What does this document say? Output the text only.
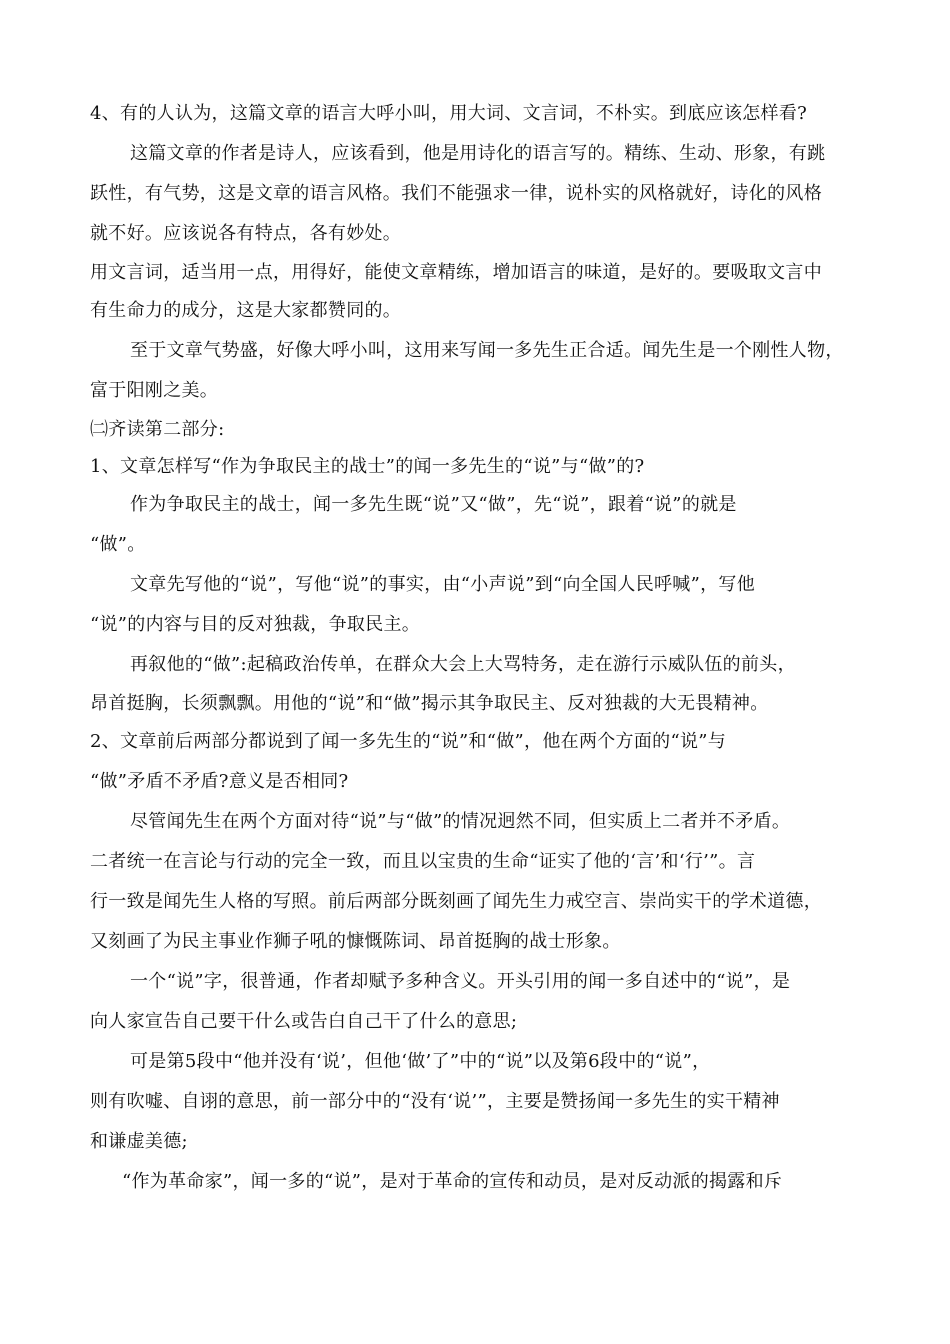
4、有的人认为，这篇文章的语言大呼小叫，用大词、文言词，不朴实。到底应该怎样看?
这篇文章的作者是诗人，应该看到，他是用诗化的语言写的。精练、生动、形象，有跳
跃性，有气势，这是文章的语言风格。我们不能强求一律，说朴实的风格就好，诗化的风格
就不好。应该说各有特点，各有妙处。
用文言词，适当用一点，用得好，能使文章精练，增加语言的味道，是好的。要吸取文言中
有生命力的成分，这是大家都赞同的。
至于文章气势盛，好像大呼小叫，这用来写闻一多先生正合适。闻先生是一个刚性人物，
富于阳刚之美。
㈡齐读第二部分:
1、文章怎样写“作为争取民主的战士”的闻一多先生的“说”与“做”的?
作为争取民主的战士，闻一多先生既“说”又“做”，先“说”，跟着“说”的就是
“做”。
文章先写他的“说”，写他“说”的事实，由“小声说”到“向全国人民呼喊”，写他
“说”的内容与目的反对独裁，争取民主。
再叙他的“做”:起稿政治传单，在群众大会上大骂特务，走在游行示威队伍的前头，
昂首挺胸，长须飘飘。用他的“说”和“做”揭示其争取民主、反对独裁的大无畏精神。
2、文章前后两部分都说到了闻一多先生的“说”和“做”，他在两个方面的“说”与
“做”矛盾不矛盾?意义是否相同?
尽管闻先生在两个方面对待“说”与“做”的情况迥然不同，但实质上二者并不矛盾。
二者统一在言论与行动的完全一致，而且以宝贵的生命“证实了他的‘言’和‘行’”。言
行一致是闻先生人格的写照。前后两部分既刻画了闻先生力戒空言、崇尚实干的学术道德，
又刻画了为民主事业作狮子吼的慷慨陈词、昂首挺胸的战士形象。
一个“说”字，很普通，作者却赋予多种含义。开头引用的闻一多自述中的“说”，是
向人家宣告自己要干什么或告白自己干了什么的意思;
可是第5段中“他并没有‘说’，但他‘做’了”中的“说”以及第6段中的“说”，
则有吹嘘、自诩的意思，前一部分中的“没有‘说’”，主要是赞扬闻一多先生的实干精神
和谦虚美德;
“作为革命家”，闻一多的“说”，是对于革命的宣传和动员，是对反动派的揭露和斥
